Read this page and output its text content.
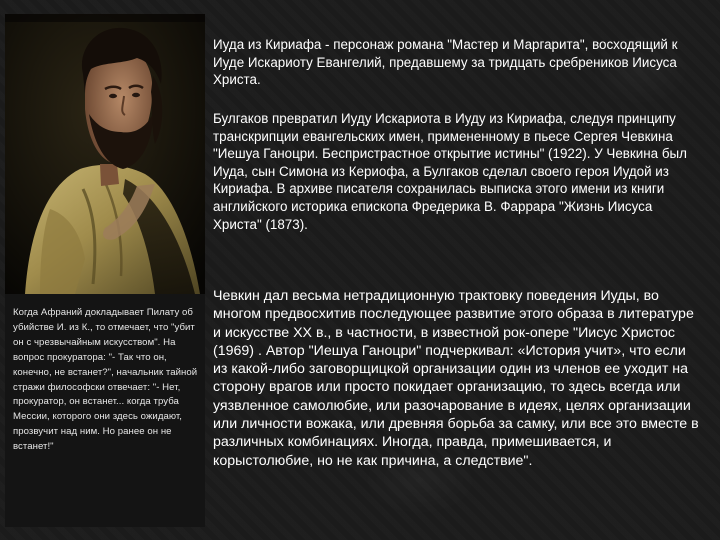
Когда Афраний докладывает Пилату об убийстве И. из К., то отмечает, что "убит он с чрезвычайным искусством". На вопрос прокуратора: "- Так что он, конечно, не встанет?", начальник тайной стражи философски отвечает: "- Нет, прокуратор, он встанет... когда труба Мессии, которого они здесь ожидают, прозвучит над ним. Но ранее он не встанет!"

Иуда из Кириафа - персонаж романа "Мастер и Маргарита", восходящий к Иуде Искариоту Евангелий, предавшему за тридцать сребреников Иисуса Христа.

Булгаков превратил Иуду Искариота в Иуду из Кириафа, следуя принципу транскрипции евангельских имен, примененному в пьесе Сергея Чевкина "Иешуа Ганоцри. Беспристрастное открытие истины" (1922). У Чевкина был Иуда, сын Симона из Кериофа, а Булгаков сделал своего героя Иудой из Кириафа. В архиве писателя сохранилась выписка этого имени из книги английского историка епископа Фредерика В. Фаррара "Жизнь Иисуса Христа" (1873).

Чевкин дал весьма нетрадиционную трактовку поведения Иуды, во многом предвосхитив последующее развитие этого образа в литературе и искусстве XX в., в частности, в известной рок-опере "Иисус Христос (1969) . Автор "Иешуа Ганоцри" подчеркивал: «История учит», что если из какой-либо заговорщицкой организации один из членов ее уходит на сторону врагов или просто покидает организацию, то здесь всегда или уязвленное самолюбие, или разочарование в идеях, целях организации или личности вожака, или древняя борьба за самку, или все это вместе в различных комбинациях. Иногда, правда, примешивается, и корыстолюбие, но не как причина, а следствие".
